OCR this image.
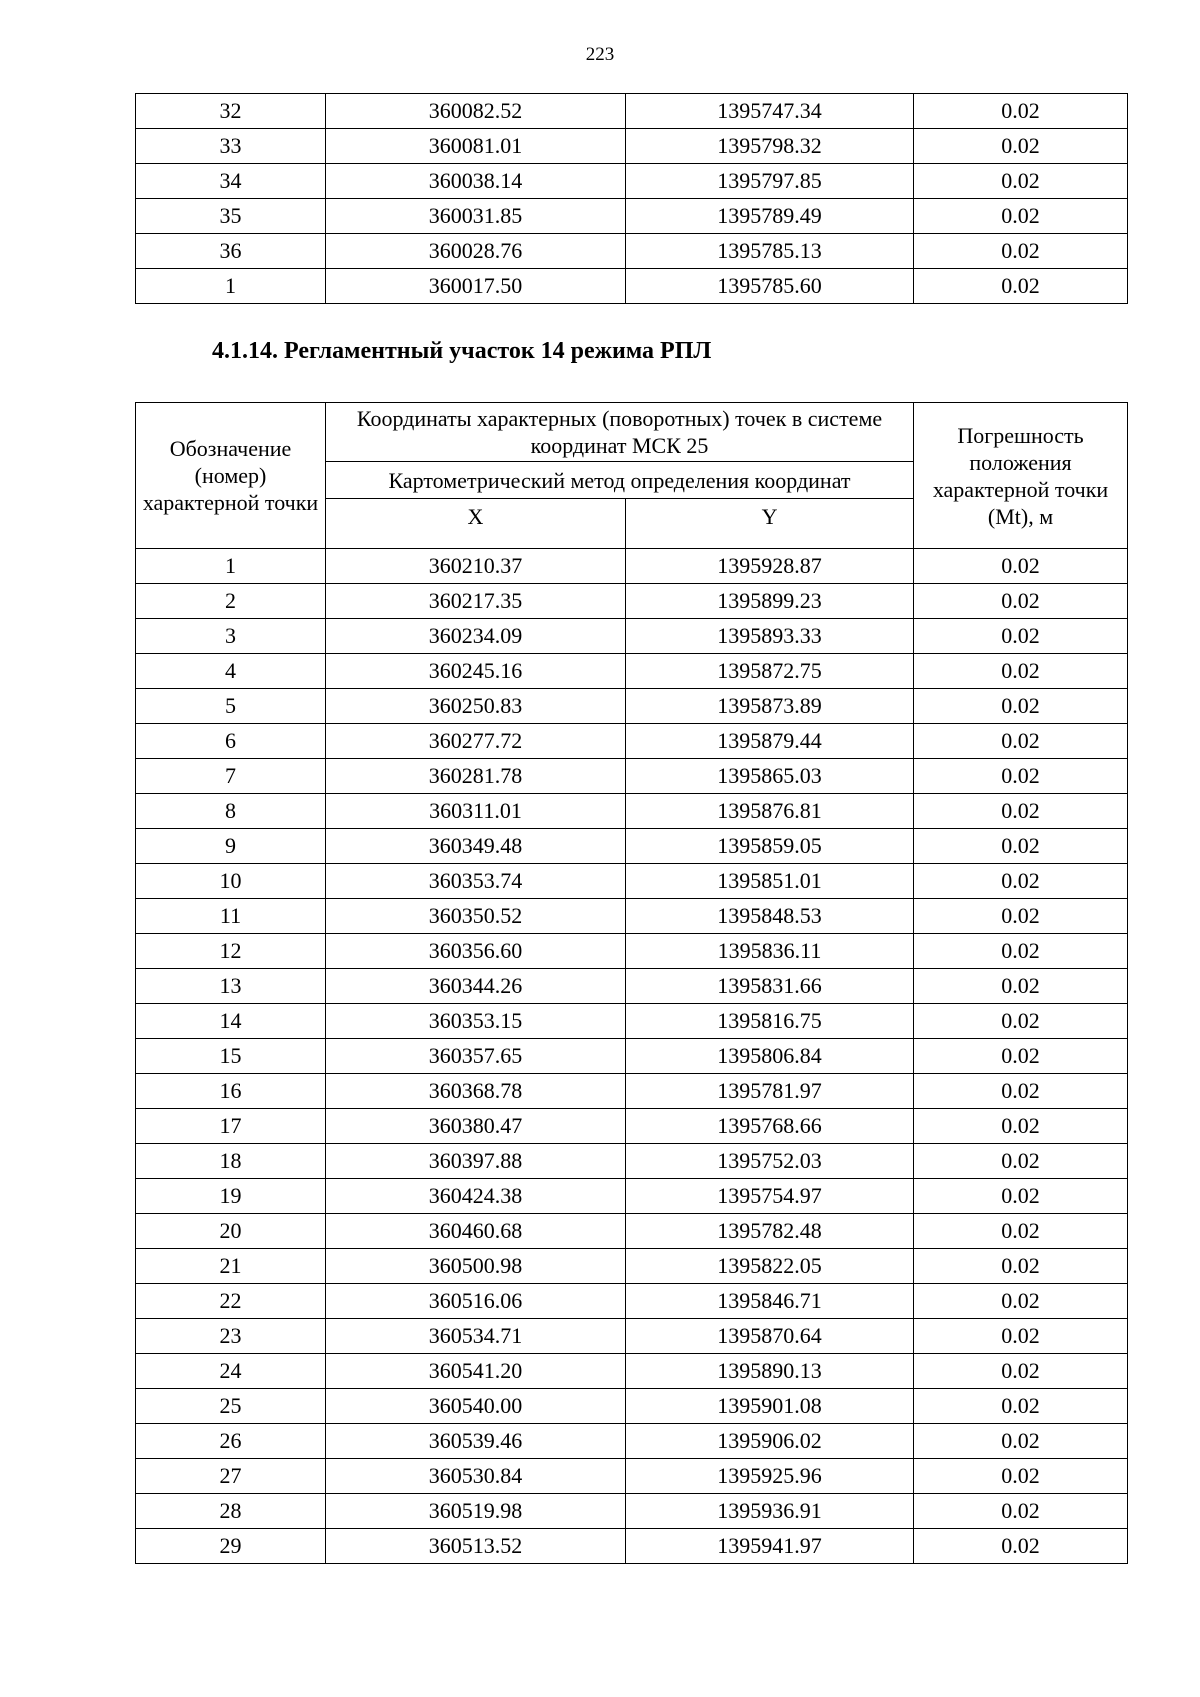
223
32	360082.52	1395747.34	0.02
33	360081.01	1395798.32	0.02
34	360038.14	1395797.85	0.02
35	360031.85	1395789.49	0.02
36	360028.76	1395785.13	0.02
1	360017.50	1395785.60	0.02
4.1.14. Регламентный участок 14 режима РПЛ
Обозначение (номер) характерной точки	Координаты характерных (поворотных) точек в системе координат МСК 25		Погрешность положения характерной точки (Mt), м
	Картометрический метод определения координат		
	X	Y	
1	360210.37	1395928.87	0.02
2	360217.35	1395899.23	0.02
3	360234.09	1395893.33	0.02
4	360245.16	1395872.75	0.02
5	360250.83	1395873.89	0.02
6	360277.72	1395879.44	0.02
7	360281.78	1395865.03	0.02
8	360311.01	1395876.81	0.02
9	360349.48	1395859.05	0.02
10	360353.74	1395851.01	0.02
11	360350.52	1395848.53	0.02
12	360356.60	1395836.11	0.02
13	360344.26	1395831.66	0.02
14	360353.15	1395816.75	0.02
15	360357.65	1395806.84	0.02
16	360368.78	1395781.97	0.02
17	360380.47	1395768.66	0.02
18	360397.88	1395752.03	0.02
19	360424.38	1395754.97	0.02
20	360460.68	1395782.48	0.02
21	360500.98	1395822.05	0.02
22	360516.06	1395846.71	0.02
23	360534.71	1395870.64	0.02
24	360541.20	1395890.13	0.02
25	360540.00	1395901.08	0.02
26	360539.46	1395906.02	0.02
27	360530.84	1395925.96	0.02
28	360519.98	1395936.91	0.02
29	360513.52	1395941.97	0.02
